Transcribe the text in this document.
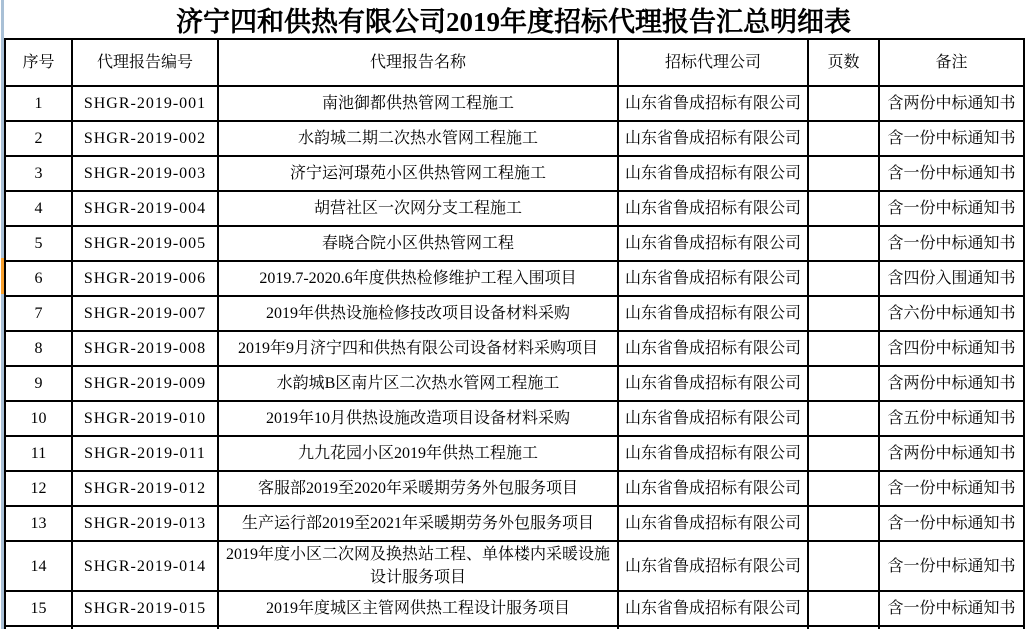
济宁四和供热有限公司2019年度招标代理报告汇总明细表
序号	代理报告编号	代理报告名称	招标代理公司	页数	备注
1	SHGR-2019-001	南池御都供热管网工程施工	山东省鲁成招标有限公司		含两份中标通知书
2	SHGR-2019-002	水韵城二期二次热水管网工程施工	山东省鲁成招标有限公司		含一份中标通知书
3	SHGR-2019-003	济宁运河璟苑小区供热管网工程施工	山东省鲁成招标有限公司		含一份中标通知书
4	SHGR-2019-004	胡营社区一次网分支工程施工	山东省鲁成招标有限公司		含一份中标通知书
5	SHGR-2019-005	春晓合院小区供热管网工程	山东省鲁成招标有限公司		含一份中标通知书
6	SHGR-2019-006	2019.7-2020.6年度供热检修维护工程入围项目	山东省鲁成招标有限公司		含四份入围通知书
7	SHGR-2019-007	2019年供热设施检修技改项目设备材料采购	山东省鲁成招标有限公司		含六份中标通知书
8	SHGR-2019-008	2019年9月济宁四和供热有限公司设备材料采购项目	山东省鲁成招标有限公司		含四份中标通知书
9	SHGR-2019-009	水韵城B区南片区二次热水管网工程施工	山东省鲁成招标有限公司		含两份中标通知书
10	SHGR-2019-010	2019年10月供热设施改造项目设备材料采购	山东省鲁成招标有限公司		含五份中标通知书
11	SHGR-2019-011	九九花园小区2019年供热工程施工	山东省鲁成招标有限公司		含两份中标通知书
12	SHGR-2019-012	客服部2019至2020年采暖期劳务外包服务项目	山东省鲁成招标有限公司		含一份中标通知书
13	SHGR-2019-013	生产运行部2019至2021年采暖期劳务外包服务项目	山东省鲁成招标有限公司		含一份中标通知书
14	SHGR-2019-014	2019年度小区二次网及换热站工程、单体楼内采暖设施设计服务项目	山东省鲁成招标有限公司		含一份中标通知书
15	SHGR-2019-015	2019年度城区主管网供热工程设计服务项目	山东省鲁成招标有限公司		含一份中标通知书
